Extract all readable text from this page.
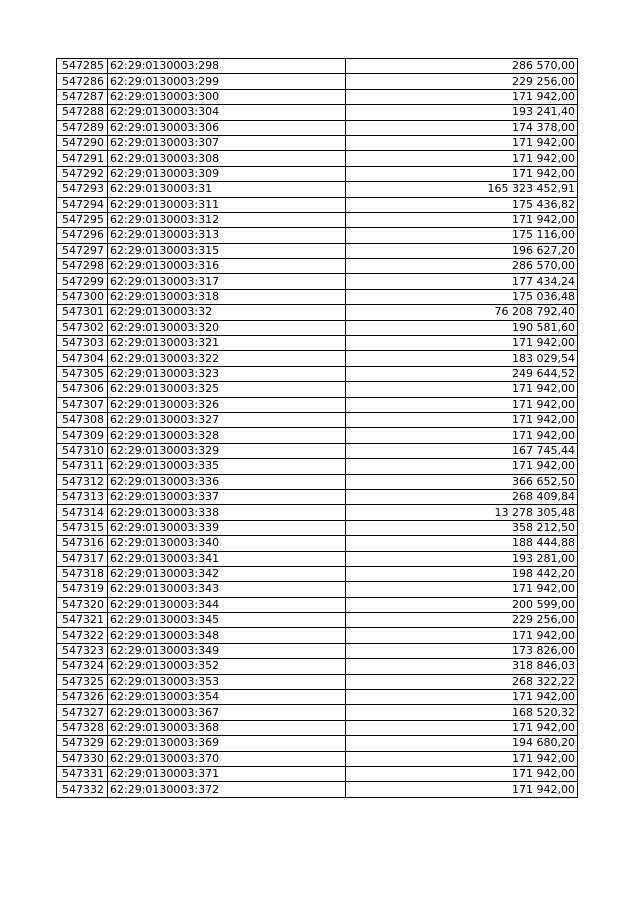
547285	62:29:0130003:298	286 570,00
547286	62:29:0130003:299	229 256,00
547287	62:29:0130003:300	171 942,00
547288	62:29:0130003:304	193 241,40
547289	62:29:0130003:306	174 378,00
547290	62:29:0130003:307	171 942,00
547291	62:29:0130003:308	171 942,00
547292	62:29:0130003:309	171 942,00
547293	62:29:0130003:31	165 323 452,91
547294	62:29:0130003:311	175 436,82
547295	62:29:0130003:312	171 942,00
547296	62:29:0130003:313	175 116,00
547297	62:29:0130003:315	196 627,20
547298	62:29:0130003:316	286 570,00
547299	62:29:0130003:317	177 434,24
547300	62:29:0130003:318	175 036,48
547301	62:29:0130003:32	76 208 792,40
547302	62:29:0130003:320	190 581,60
547303	62:29:0130003:321	171 942,00
547304	62:29:0130003:322	183 029,54
547305	62:29:0130003:323	249 644,52
547306	62:29:0130003:325	171 942,00
547307	62:29:0130003:326	171 942,00
547308	62:29:0130003:327	171 942,00
547309	62:29:0130003:328	171 942,00
547310	62:29:0130003:329	167 745,44
547311	62:29:0130003:335	171 942,00
547312	62:29:0130003:336	366 652,50
547313	62:29:0130003:337	268 409,84
547314	62:29:0130003:338	13 278 305,48
547315	62:29:0130003:339	358 212,50
547316	62:29:0130003:340	188 444,88
547317	62:29:0130003:341	193 281,00
547318	62:29:0130003:342	198 442,20
547319	62:29:0130003:343	171 942,00
547320	62:29:0130003:344	200 599,00
547321	62:29:0130003:345	229 256,00
547322	62:29:0130003:348	171 942,00
547323	62:29:0130003:349	173 826,00
547324	62:29:0130003:352	318 846,03
547325	62:29:0130003:353	268 322,22
547326	62:29:0130003:354	171 942,00
547327	62:29:0130003:367	168 520,32
547328	62:29:0130003:368	171 942,00
547329	62:29:0130003:369	194 680,20
547330	62:29:0130003:370	171 942,00
547331	62:29:0130003:371	171 942,00
547332	62:29:0130003:372	171 942,00
